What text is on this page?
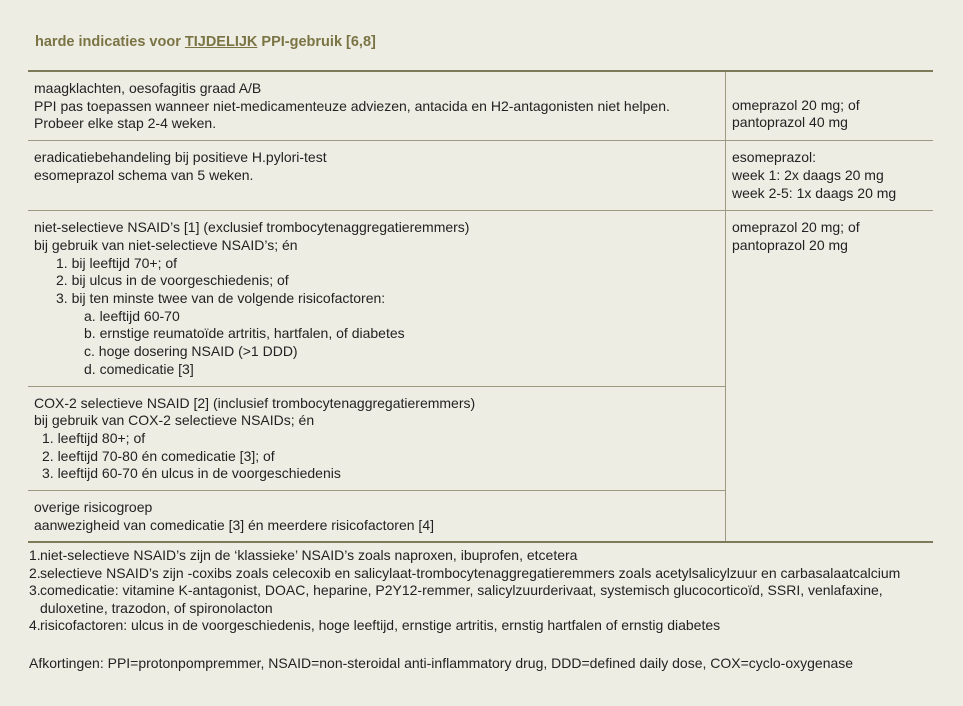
harde indicaties voor TIJDELIJK PPI-gebruik [6,8]
maagklachten, oesofagitis graad A/B
PPI pas toepassen wanneer niet-medicamenteuze adviezen, antacida en H2-antagonisten niet helpen.
Probeer elke stap 2-4 weken.
omeprazol 20 mg; of
pantoprazol 40 mg
eradicatiebehandeling bij positieve H.pylori-test
esomeprazol schema van 5 weken.

esomeprazol:
week 1: 2x daags 20 mg
week 2-5: 1x daags 20 mg
niet-selectieve NSAID’s [1] (exclusief trombocytenaggregatieremmers)
bij gebruik van niet-selectieve NSAID’s; én
1. bij leeftijd 70+; of
2. bij ulcus in de voorgeschiedenis; of
3. bij ten minste twee van de volgende risicofactoren:
a. leeftijd 60-70
b. ernstige reumatoïde artritis, hartfalen, of diabetes
c. hoge dosering NSAID (>1 DDD)
d. comedicatie [3]
COX-2 selectieve NSAID [2] (inclusief trombocytenaggregatieremmers)
bij gebruik van COX-2 selectieve NSAIDs; én
1. leeftijd 80+; of
2. leeftijd 70-80 én comedicatie [3]; of
3. leeftijd 60-70 én ulcus in de voorgeschiedenis
overige risicogroep
aanwezigheid van comedicatie [3] én meerdere risicofactoren [4]
omeprazol 20 mg; of
pantoprazol 20 mg
1. niet-selectieve NSAID’s zijn de ‘klassieke’ NSAID’s zoals naproxen, ibuprofen, etcetera
2. selectieve NSAID’s zijn -coxibs zoals celecoxib en salicylaat-trombocytenaggregatieremmers zoals acetylsalicylzuur en carbasalaatcalcium
3. comedicatie: vitamine K-antagonist, DOAC, heparine, P2Y12-remmer, salicylzuurderivaat, systemisch glucocorticoïd, SSRI, venlafaxine, duloxetine, trazodon, of spironolacton
4. risicofactoren: ulcus in de voorgeschiedenis, hoge leeftijd, ernstige artritis, ernstig hartfalen of ernstig diabetes
Afkortingen: PPI=protonpompremmer, NSAID=non-steroidal anti-inflammatory drug, DDD=defined daily dose, COX=cyclo-oxygenase
